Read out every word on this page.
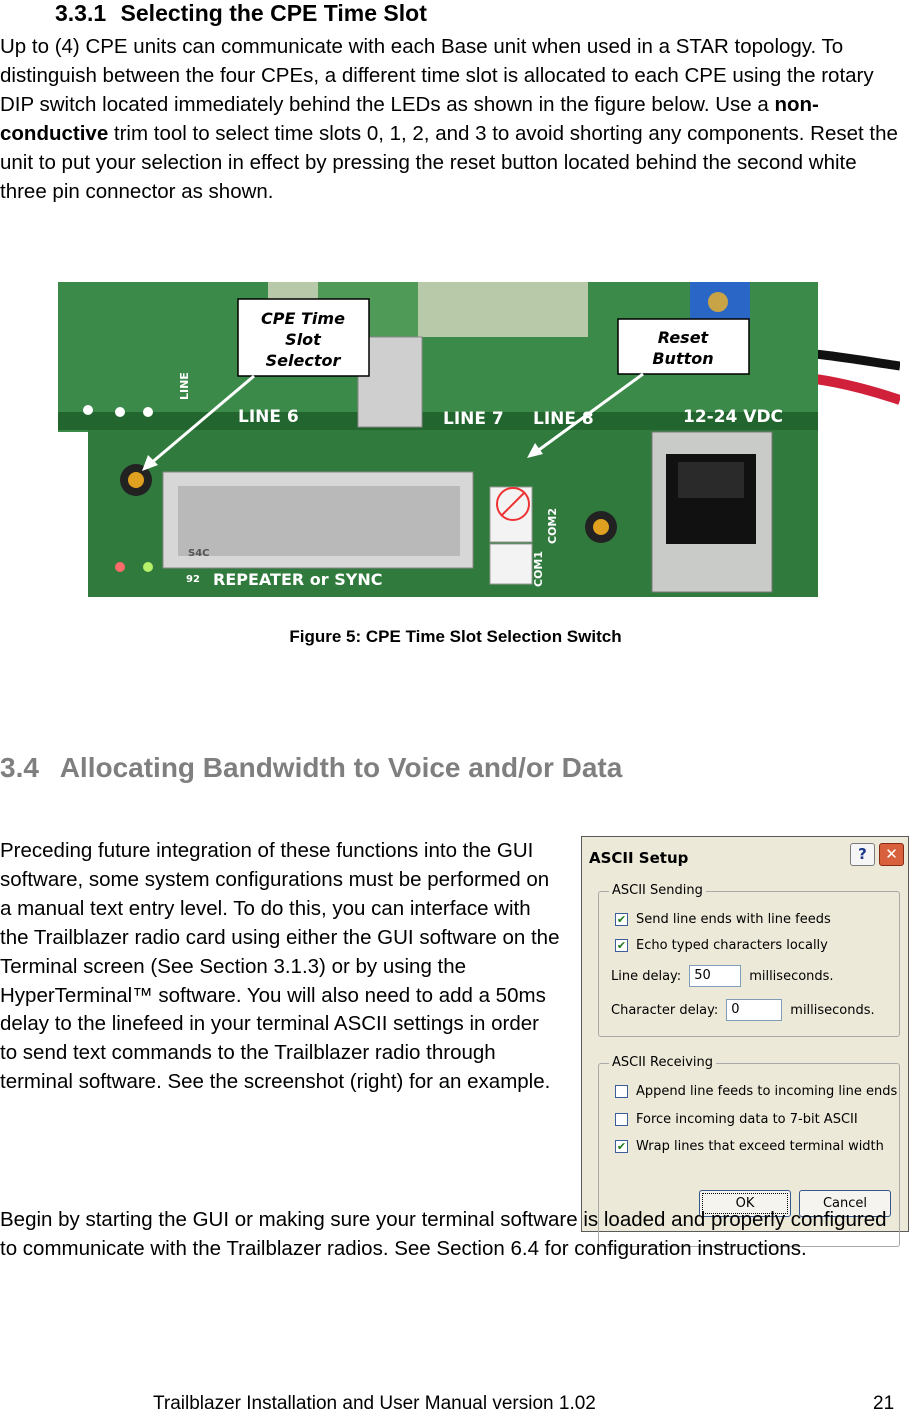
3.3.1 Selecting the CPE Time Slot
Up to (4) CPE units can communicate with each Base unit when used in a STAR topology. To distinguish between the four CPEs, a different time slot is allocated to each CPE using the rotary DIP switch located immediately behind the LEDs as shown in the figure below. Use a non-conductive trim tool to select time slots 0, 1, 2, and 3 to avoid shorting any components. Reset the unit to put your selection in effect by pressing the reset button located behind the second white three pin connector as shown.
LINE 6	LINE 7 LINE 8	12-24 VDC
REPEATER or SYNC	COM1
COM2
LINE
92
S4C
CPE Time
Slot
Selector
Reset
Button
Figure 5: CPE Time Slot Selection Switch
3.4 Allocating Bandwidth to Voice and/or Data
Preceding future integration of these functions into the GUI software, some system configurations must be performed on a manual text entry level. To do this, you can interface with the Trailblazer radio card using either the GUI software on the Terminal screen (See Section 3.1.3) or by using the HyperTerminal™ software. You will also need to add a 50ms delay to the linefeed in your terminal ASCII settings in order to send text commands to the Trailblazer radio through terminal software. See the screenshot (right) for an example.
ASCII Setup	?	✕
ASCII Sending
✔ Send line ends with line feeds
✔ Echo typed characters locally
Line delay:	50	milliseconds.
Character delay:	0	milliseconds.
ASCII Receiving
Append line feeds to incoming line ends
Force incoming data to 7-bit ASCII
✔ Wrap lines that exceed terminal width
OK	Cancel
Begin by starting the GUI or making sure your terminal software is loaded and properly configured to communicate with the Trailblazer radios. See Section 6.4 for configuration instructions.
Trailblazer Installation and User Manual version 1.02	21
